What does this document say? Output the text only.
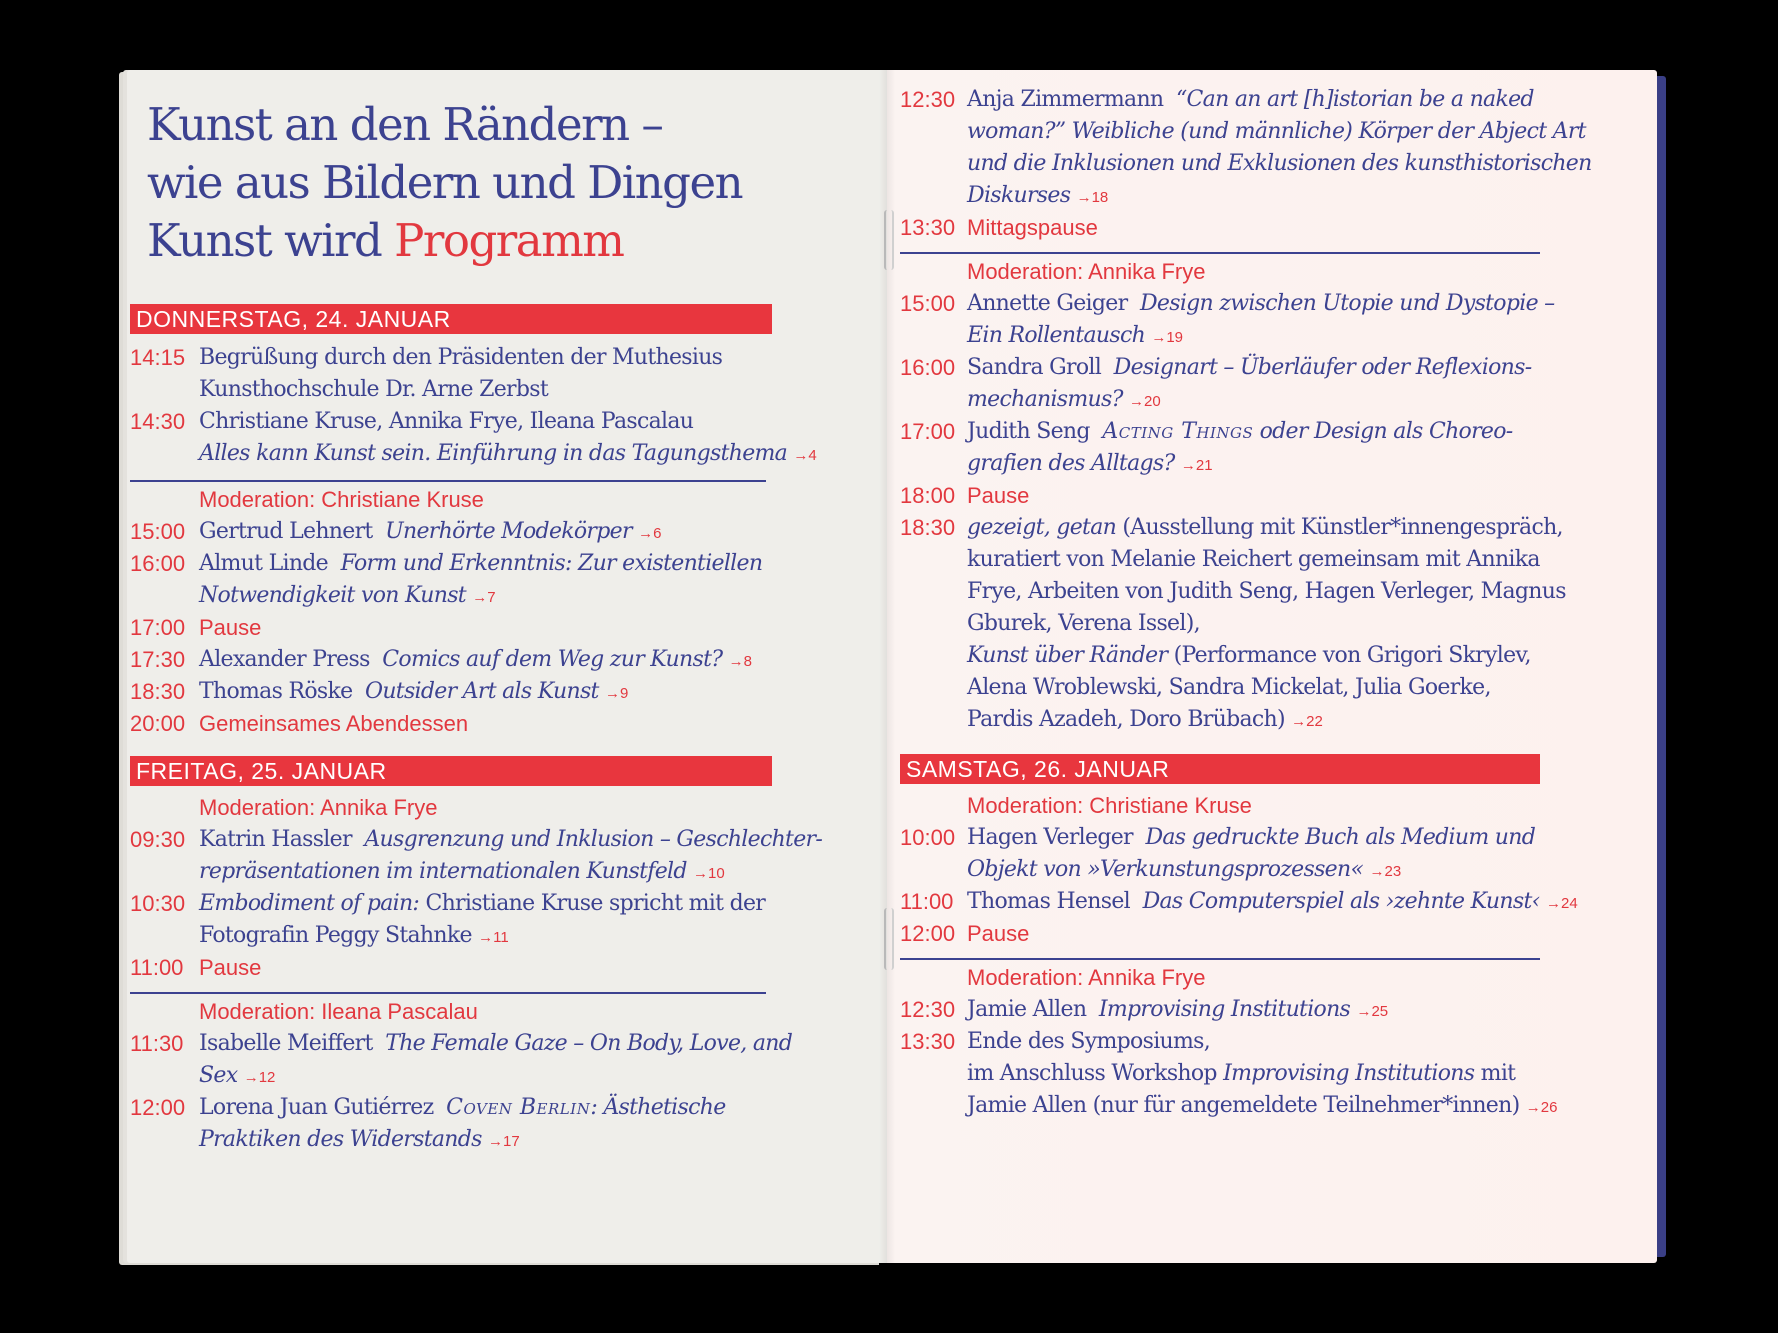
Kunst an den Rändern –
wie aus Bildern und Dingen
Kunst wird Programm
DONNERSTAG, 24. JANUAR
14:15 Begrüßung durch den Präsidenten der Muthesius
Kunsthochschule Dr. Arne Zerbst
14:30 Christiane Kruse, Annika Frye, Ileana Pascalau
Alles kann Kunst sein. Einführung in das Tagungsthema →4
Moderation: Christiane Kruse
15:00 Gertrud Lehnert Unerhörte Modekörper →6
16:00 Almut Linde Form und Erkenntnis: Zur existentiellen
Notwendigkeit von Kunst →7
17:00 Pause
17:30 Alexander Press Comics auf dem Weg zur Kunst? →8
18:30 Thomas Röske Outsider Art als Kunst →9
20:00 Gemeinsames Abendessen
FREITAG, 25. JANUAR
Moderation: Annika Frye
09:30 Katrin Hassler Ausgrenzung und Inklusion – Geschlechter-
repräsentationen im internationalen Kunstfeld →10
10:30 Embodiment of pain: Christiane Kruse spricht mit der
Fotografin Peggy Stahnke →11
11:00 Pause
Moderation: Ileana Pascalau
11:30 Isabelle Meiffert The Female Gaze – On Body, Love, and
Sex →12
12:00 Lorena Juan Gutiérrez Coven Berlin: Ästhetische
Praktiken des Widerstands →17
12:30 Anja Zimmermann “Can an art [h]istorian be a naked
woman?” Weibliche (und männliche) Körper der Abject Art
und die Inklusionen und Exklusionen des kunsthistorischen
Diskurses →18
13:30 Mittagspause
Moderation: Annika Frye
15:00 Annette Geiger Design zwischen Utopie und Dystopie –
Ein Rollentausch →19
16:00 Sandra Groll Designart – Überläufer oder Reflexions-
mechanismus? →20
17:00 Judith Seng Acting Things oder Design als Choreo-
grafien des Alltags? →21
18:00 Pause
18:30 gezeigt, getan (Ausstellung mit Künstler*innengespräch,
kuratiert von Melanie Reichert gemeinsam mit Annika
Frye, Arbeiten von Judith Seng, Hagen Verleger, Magnus
Gburek, Verena Issel),
Kunst über Ränder (Performance von Grigori Skrylev,
Alena Wroblewski, Sandra Mickelat, Julia Goerke,
Pardis Azadeh, Doro Brübach) →22
SAMSTAG, 26. JANUAR
Moderation: Christiane Kruse
10:00 Hagen Verleger Das gedruckte Buch als Medium und
Objekt von »Verkunstungsprozessen« →23
11:00 Thomas Hensel Das Computerspiel als ›zehnte Kunst‹ →24
12:00 Pause
Moderation: Annika Frye
12:30 Jamie Allen Improvising Institutions →25
13:30 Ende des Symposiums,
im Anschluss Workshop Improvising Institutions mit
Jamie Allen (nur für angemeldete Teilnehmer*innen) →26
